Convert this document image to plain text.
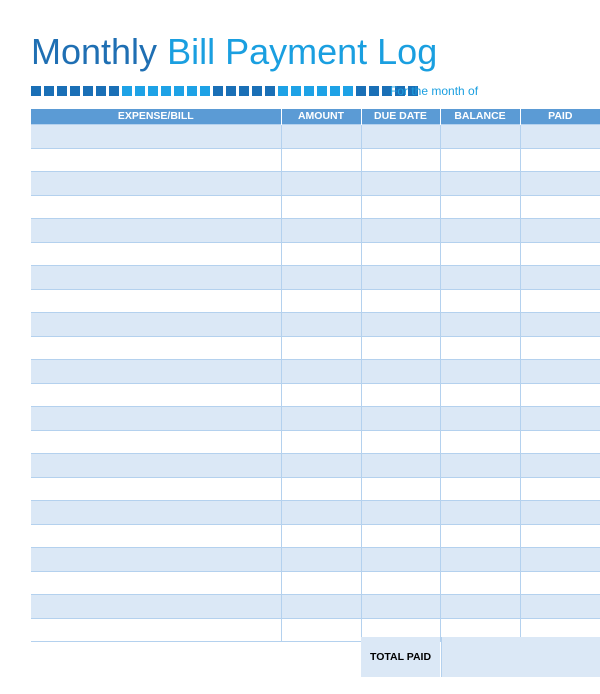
Monthly Bill Payment Log
For the month of
EXPENSE/BILL	AMOUNT	DUE DATE	BALANCE	PAID

TOTAL PAID
